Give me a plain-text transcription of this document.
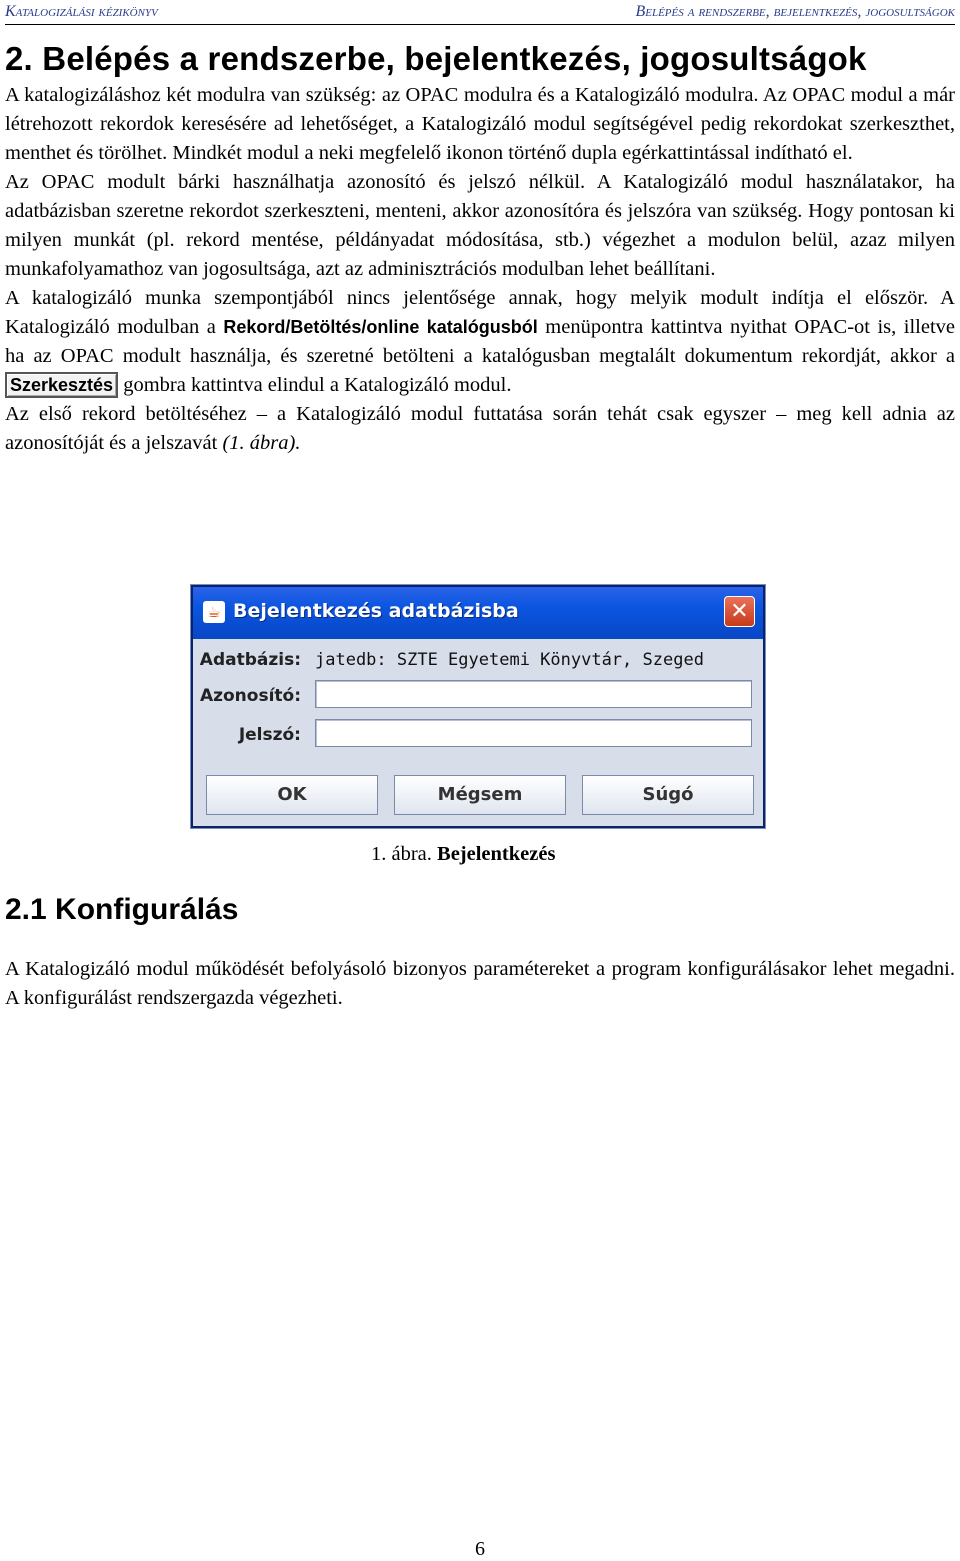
Katalogizálási kézikönyv	Belépés a rendszerbe, bejelentkezés, jogosultságok
2. Belépés a rendszerbe, bejelentkezés, jogosultságok

A katalogizáláshoz két modulra van szükség: az OPAC modulra és a Katalogizáló modulra. Az OPAC modul a már létrehozott rekordok keresésére ad lehetőséget, a Katalogizáló modul segítségével pedig rekordokat szerkeszthet, menthet és törölhet. Mindkét modul a neki megfelelő ikonon történő dupla egérkattintással indítható el.

Az OPAC modult bárki használhatja azonosító és jelszó nélkül. A Katalogizáló modul használatakor, ha adatbázisban szeretne rekordot szerkeszteni, menteni, akkor azonosítóra és jelszóra van szükség. Hogy pontosan ki milyen munkát (pl. rekord mentése, példányadat módosítása, stb.) végezhet a modulon belül, azaz milyen munkafolyamathoz van jogosultsága, azt az adminisztrációs modulban lehet beállítani.

A katalogizáló munka szempontjából nincs jelentősége annak, hogy melyik modult indítja el először. A Katalogizáló modulban a Rekord/Betöltés/online katalógusból menüpontra kattintva nyithat OPAC-ot is, illetve ha az OPAC modult használja, és szeretné betölteni a katalógusban megtalált dokumentum rekordját, akkor a Szerkesztés gombra kattintva elindul a Katalogizáló modul.

Az első rekord betöltéséhez – a Katalogizáló modul futtatása során tehát csak egyszer – meg kell adnia az azonosítóját és a jelszavát (1. ábra).

☕ Bejelentkezés adatbázisba	✕
Adatbázis: jatedb: SZTE Egyetemi Könyvtár, Szeged
Azonosító:
Jelszó:
OK	Mégsem	Súgó
1. ábra. Bejelentkezés
2.1 Konfigurálás

A Katalogizáló modul működését befolyásoló bizonyos paramétereket a program konfigurálásakor lehet megadni. A konfigurálást rendszergazda végezheti.

6
